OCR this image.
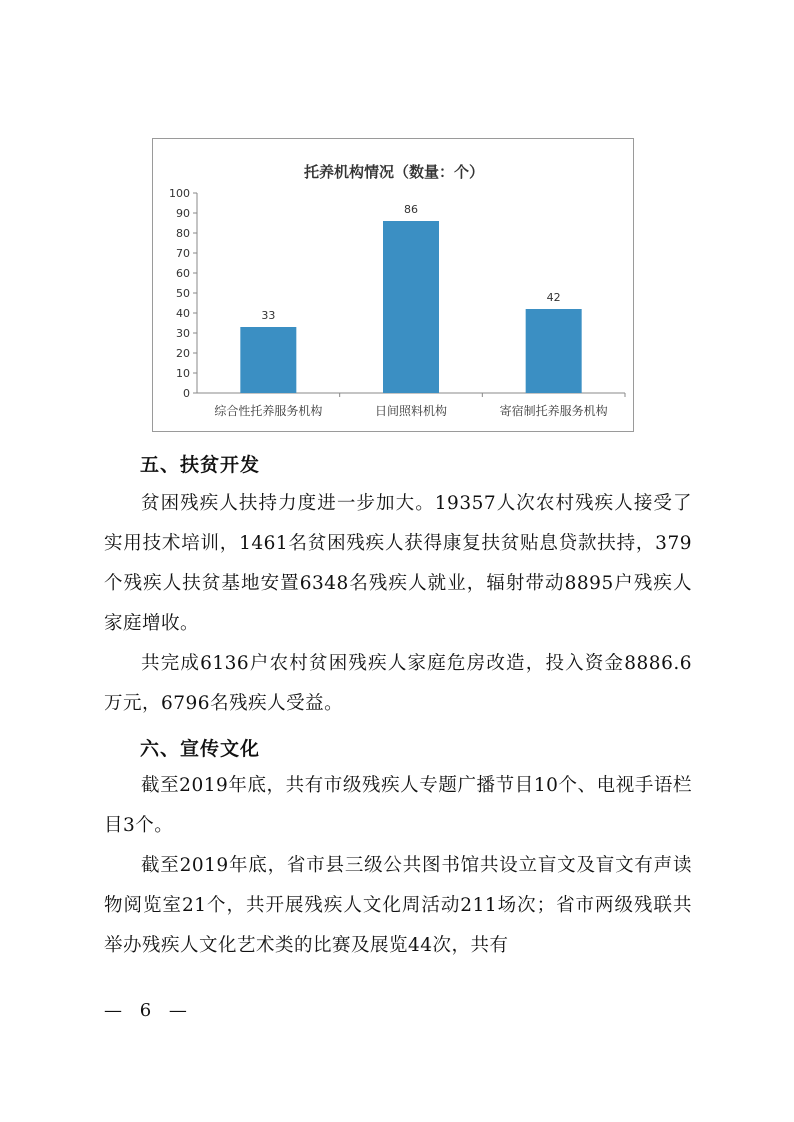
托养机构情况（数量：个）
0
10
20
30
40
50
60
70
80
90
100
综合性托养服务机构	日间照料机构	寄宿制托养服务机构
33
86
42
五、扶贫开发
贫困残疾人扶持力度进一步加大。19357人次农村残疾人接受了实用技术培训，1461名贫困残疾人获得康复扶贫贴息贷款扶持，379个残疾人扶贫基地安置6348名残疾人就业，辐射带动8895户残疾人家庭增收。
共完成6136户农村贫困残疾人家庭危房改造，投入资金8886.6万元，6796名残疾人受益。
六、宣传文化
截至2019年底，共有市级残疾人专题广播节目10个、电视手语栏目3个。
截至2019年底，省市县三级公共图书馆共设立盲文及盲文有声读物阅览室21个，共开展残疾人文化周活动211场次；省市两级残联共举办残疾人文化艺术类的比赛及展览44次，共有
— 6 —
